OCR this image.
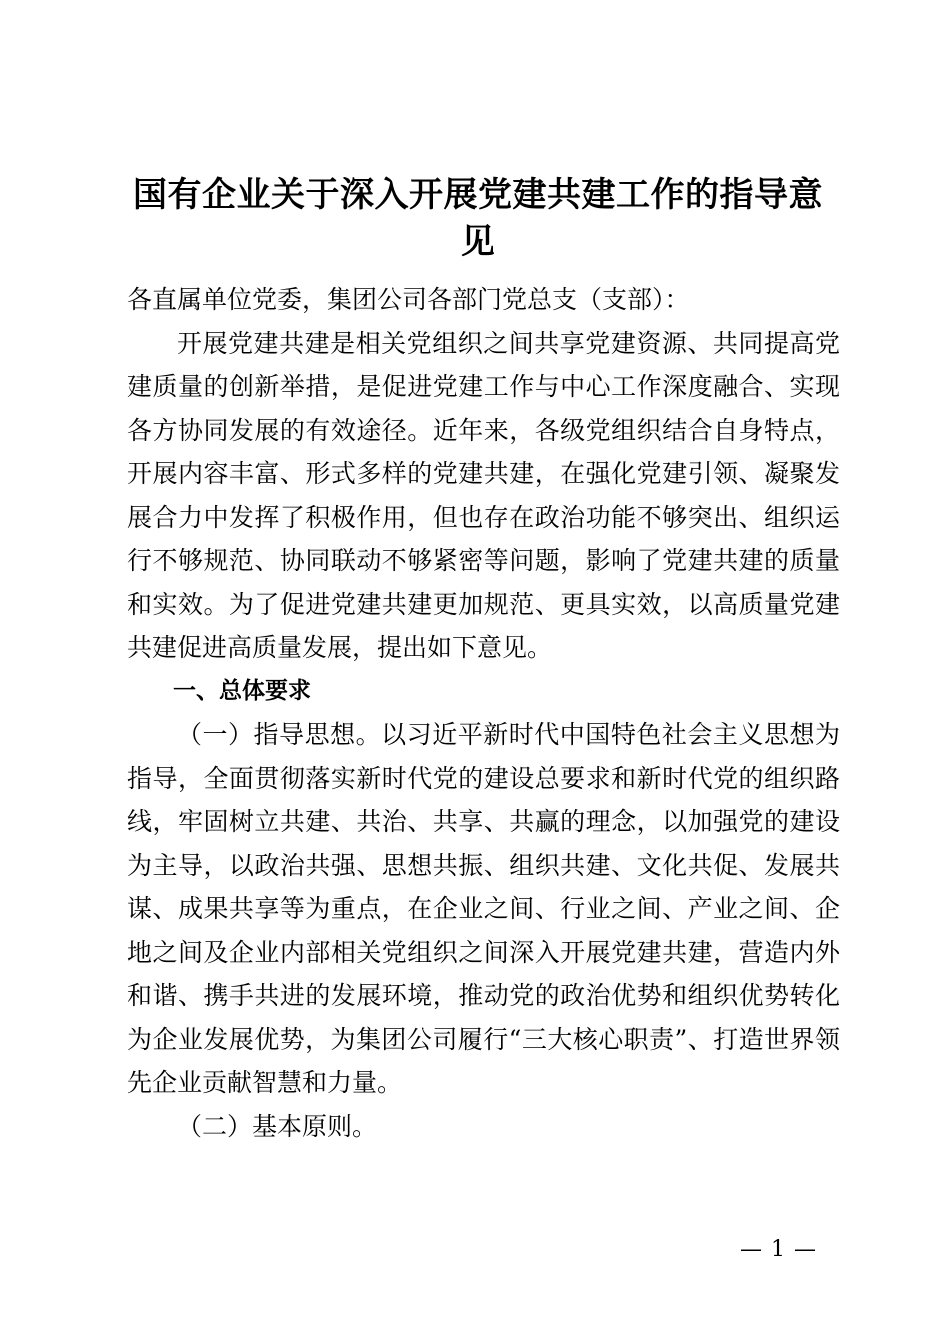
国有企业关于深入开展党建共建工作的指导意见

各直属单位党委，集团公司各部门党总支（支部）：

开展党建共建是相关党组织之间共享党建资源、共同提高党建质量的创新举措，是促进党建工作与中心工作深度融合、实现各方协同发展的有效途径。近年来，各级党组织结合自身特点，开展内容丰富、形式多样的党建共建，在强化党建引领、凝聚发展合力中发挥了积极作用，但也存在政治功能不够突出、组织运行不够规范、协同联动不够紧密等问题，影响了党建共建的质量和实效。为了促进党建共建更加规范、更具实效，以高质量党建共建促进高质量发展，提出如下意见。

一、总体要求

（一）指导思想。以习近平新时代中国特色社会主义思想为指导，全面贯彻落实新时代党的建设总要求和新时代党的组织路线，牢固树立共建、共治、共享、共赢的理念，以加强党的建设为主导，以政治共强、思想共振、组织共建、文化共促、发展共谋、成果共享等为重点，在企业之间、行业之间、产业之间、企地之间及企业内部相关党组织之间深入开展党建共建，营造内外和谐、携手共进的发展环境，推动党的政治优势和组织优势转化为企业发展优势，为集团公司履行“三大核心职责”、打造世界领先企业贡献智慧和力量。

（二）基本原则。

— 1 —
